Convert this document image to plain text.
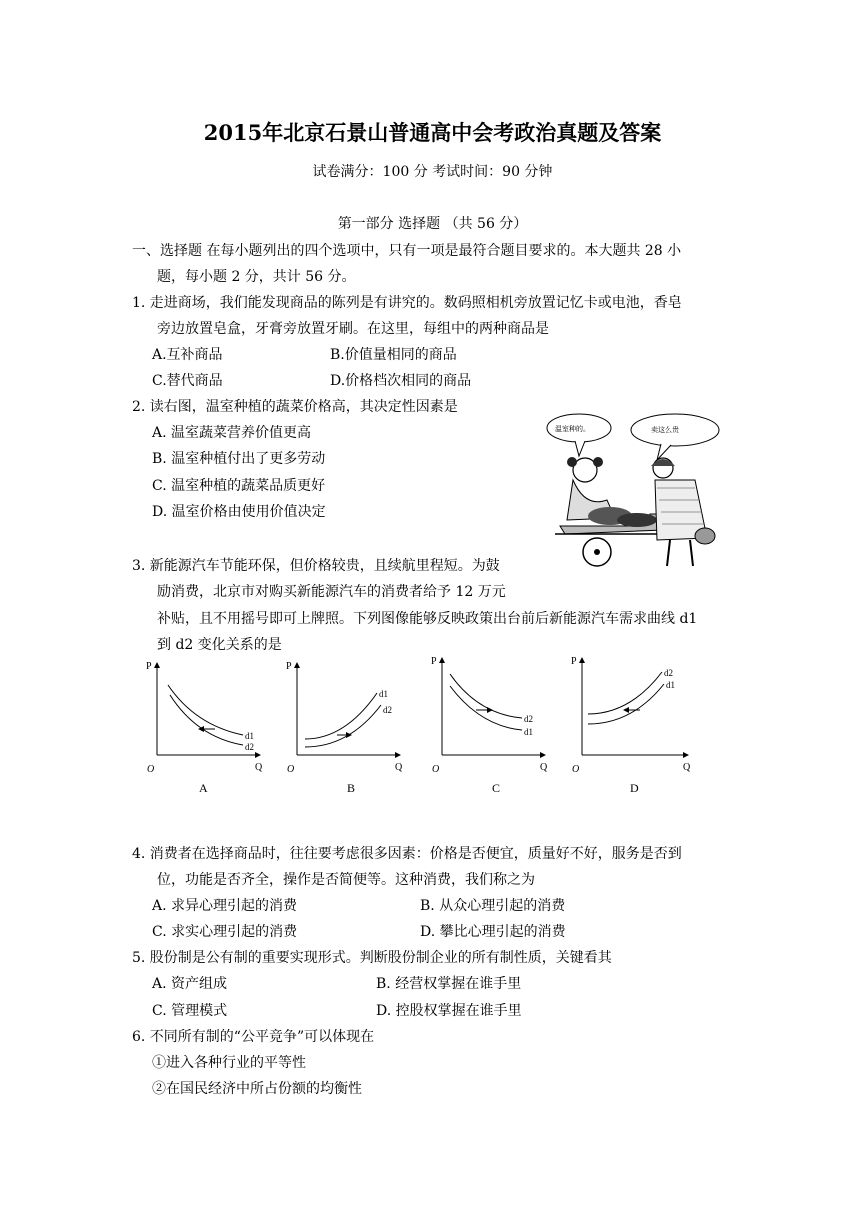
2015年北京石景山普通高中会考政治真题及答案
试卷满分：100 分 考试时间：90 分钟
第一部分 选择题 （共 56 分）
一、选择题 在每小题列出的四个选项中，只有一项是最符合题目要求的。本大题共 28 小
题，每小题 2 分，共计 56 分。
1. 走进商场，我们能发现商品的陈列是有讲究的。数码照相机旁放置记忆卡或电池，香皂
旁边放置皂盒，牙膏旁放置牙刷。在这里，每组中的两种商品是
A.互补商品	B.价值量相同的商品
C.替代商品	D.价格档次相同的商品
2. 读右图，温室种植的蔬菜价格高，其决定性因素是
A. 温室蔬菜营养价值更高
B. 温室种植付出了更多劳动
C. 温室种植的蔬菜品质更好
D. 温室价格由使用价值决定
温室种的。	卖这么贵
3. 新能源汽车节能环保，但价格较贵，且续航里程短。为鼓
励消费，北京市对购买新能源汽车的消费者给予 12 万元
补贴，且不用摇号即可上牌照。下列图像能够反映政策出台前后新能源汽车需求曲线 d1
到 d2 变化关系的是
P
Q
O
d1
d2
A
P
Q
O
d1
d2
B
P
Q
O
d2
d1
C
P
Q
O
d2
d1
D
4. 消费者在选择商品时，往往要考虑很多因素：价格是否便宜，质量好不好，服务是否到
位，功能是否齐全，操作是否简便等。这种消费，我们称之为
A. 求异心理引起的消费	B. 从众心理引起的消费
C. 求实心理引起的消费	D. 攀比心理引起的消费
5. 股份制是公有制的重要实现形式。判断股份制企业的所有制性质，关键看其
A. 资产组成	B. 经营权掌握在谁手里
C. 管理模式	D. 控股权掌握在谁手里
6. 不同所有制的“公平竞争”可以体现在
①进入各种行业的平等性
②在国民经济中所占份额的均衡性
